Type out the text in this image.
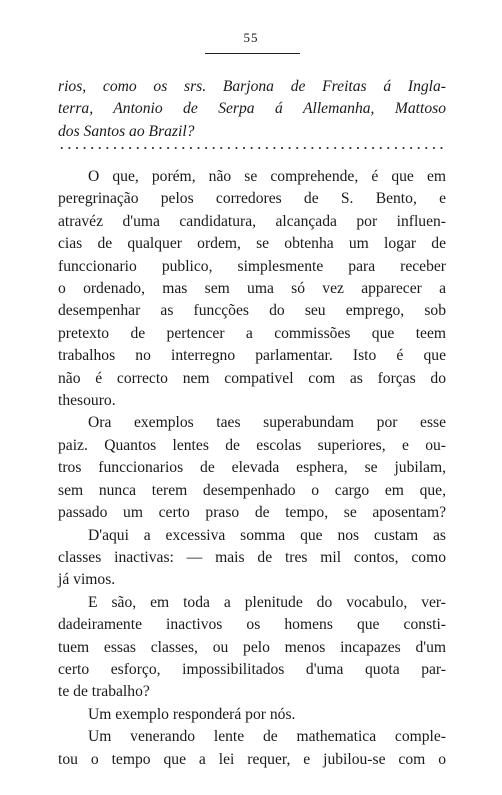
55
rios, como os srs. Barjona de Freitas á Ingla-
terra, Antonio de Serpa á Allemanha, Mattoso
dos Santos ao Brazil?
O que, porém, não se comprehende, é que em
peregrinação pelos corredores de S. Bento, e
atravéz d'uma candidatura, alcançada por influen-
cias de qualquer ordem, se obtenha um logar de
funccionario publico, simplesmente para receber
o ordenado, mas sem uma só vez apparecer a
desempenhar as funcções do seu emprego, sob
pretexto de pertencer a commissões que teem
trabalhos no interregno parlamentar. Isto é que
não é correcto nem compativel com as forças do
thesouro.
Ora exemplos taes superabundam por esse
paiz. Quantos lentes de escolas superiores, e ou-
tros funccionarios de elevada esphera, se jubilam,
sem nunca terem desempenhado o cargo em que,
passado um certo praso de tempo, se aposentam?
D'aqui a excessiva somma que nos custam as
classes inactivas: — mais de tres mil contos, como
já vimos.
E são, em toda a plenitude do vocabulo, ver-
dadeiramente inactivos os homens que consti-
tuem essas classes, ou pelo menos incapazes d'um
certo esforço, impossibilitados d'uma quota par-
te de trabalho?
Um exemplo responderá por nós.
Um venerando lente de mathematica comple-
tou o tempo que a lei requer, e jubilou-se com o
